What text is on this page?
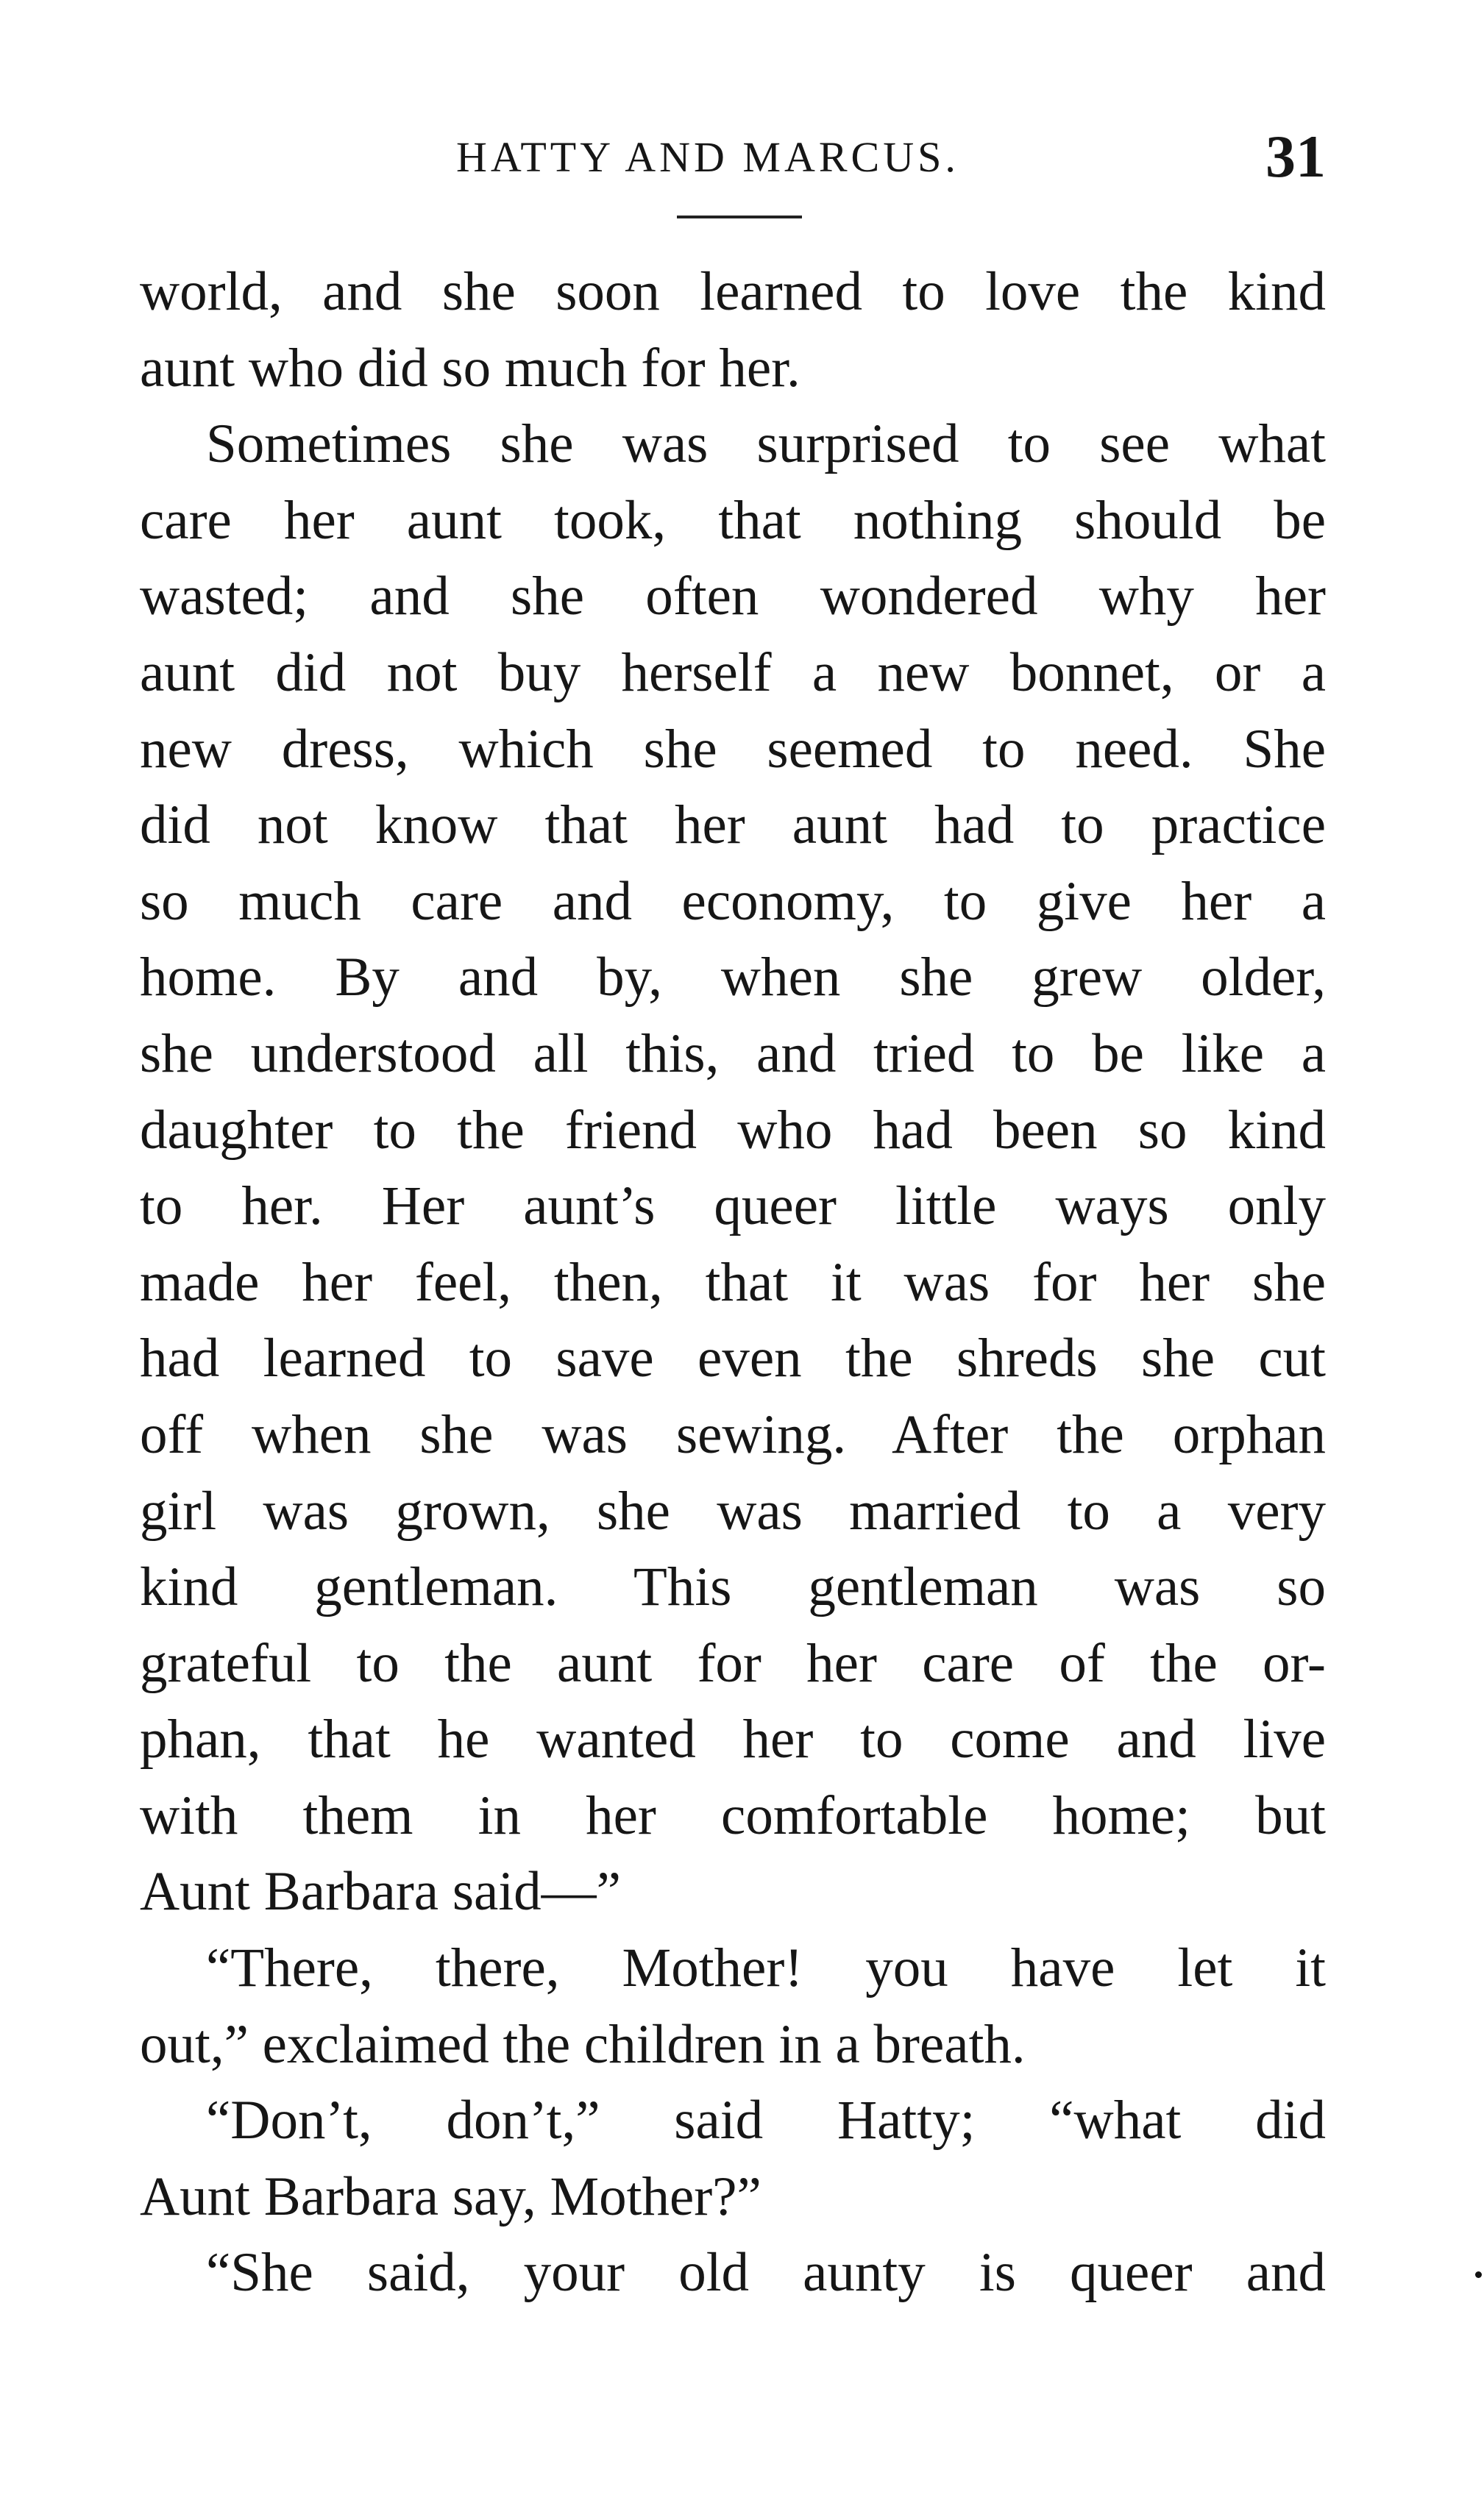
HATTY AND MARCUS.	31
world, and she soon learned to love the kind
aunt who did so much for her.
Sometimes she was surprised to see what
care her aunt took, that nothing should be
wasted; and she often wondered why her
aunt did not buy herself a new bonnet, or a
new dress, which she seemed to need. She
did not know that her aunt had to practice
so much care and economy, to give her a
home. By and by, when she grew older,
she understood all this, and tried to be like a
daughter to the friend who had been so kind
to her. Her aunt’s queer little ways only
made her feel, then, that it was for her she
had learned to save even the shreds she cut
off when she was sewing. After the orphan
girl was grown, she was married to a very
kind gentleman. This gentleman was so
grateful to the aunt for her care of the or-
phan, that he wanted her to come and live
with them in her comfortable home; but
Aunt Barbara said—”
“There, there, Mother! you have let it
out,” exclaimed the children in a breath.
“Don’t, don’t,” said Hatty; “what did
Aunt Barbara say, Mother?”
“She said, your old aunty is queer and
